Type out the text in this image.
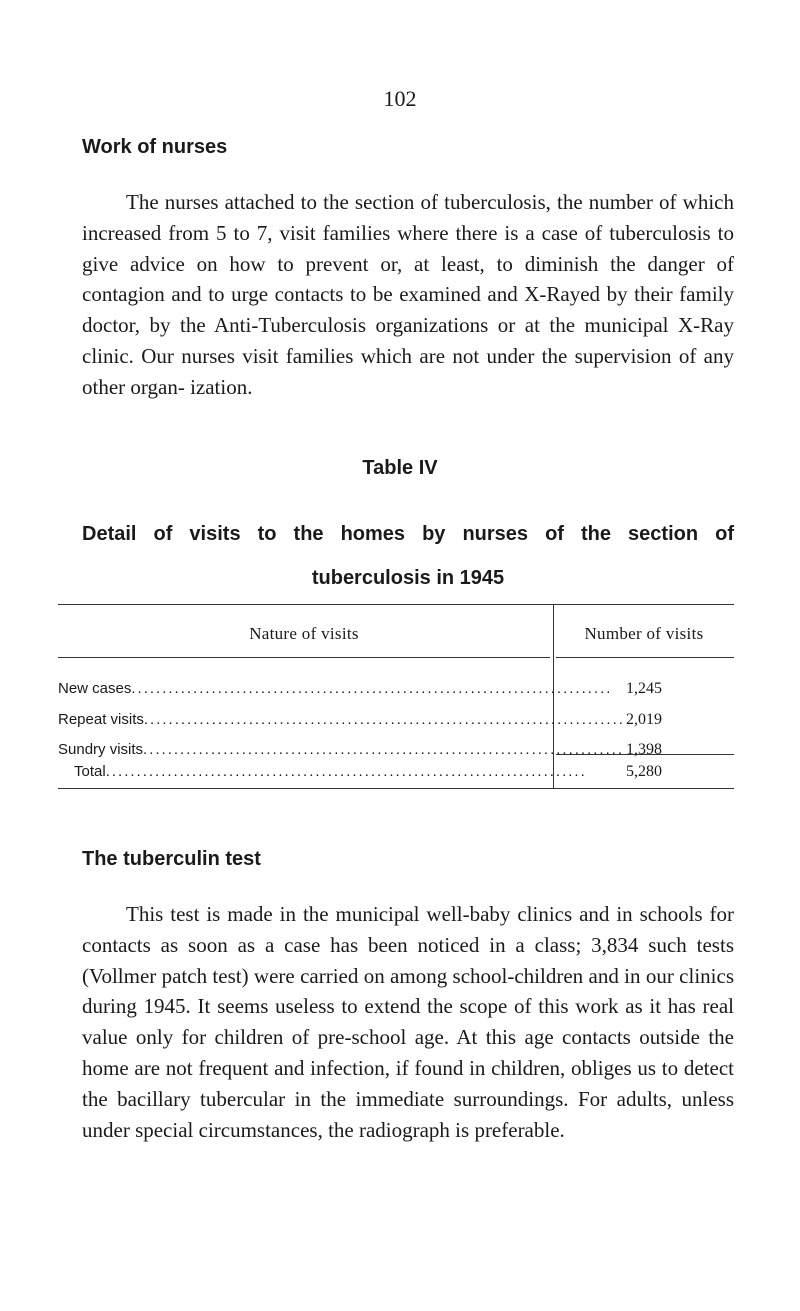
102
Work of nurses

The nurses attached to the section of tuberculosis, the number of which increased from 5 to 7, visit families where there is a case of tuberculosis to give advice on how to prevent or, at least, to diminish the danger of contagion and to urge contacts to be examined and X-Rayed by their family doctor, by the Anti-Tuberculosis organizations or at the municipal X-Ray clinic. Our nurses visit families which are not under the supervision of any other organ- ization.

Table IV
Detail of visits to the homes by nurses of the section of
tuberculosis in 1945
Nature of visits	Number of visits
New cases.............................................................................. 1,245
Repeat visits.............................................................................. 2,019
Sundry visits.............................................................................. 1,398
Total..............................................................................	5,280
The tuberculin test

This test is made in the municipal well-baby clinics and in schools for contacts as soon as a case has been noticed in a class; 3,834 such tests (Vollmer patch test) were carried on among school-children and in our clinics during 1945. It seems useless to extend the scope of this work as it has real value only for children of pre-school age. At this age contacts outside the home are not frequent and infection, if found in children, obliges us to detect the bacillary tubercular in the immediate surroundings. For adults, unless under special circumstances, the radiograph is preferable.
